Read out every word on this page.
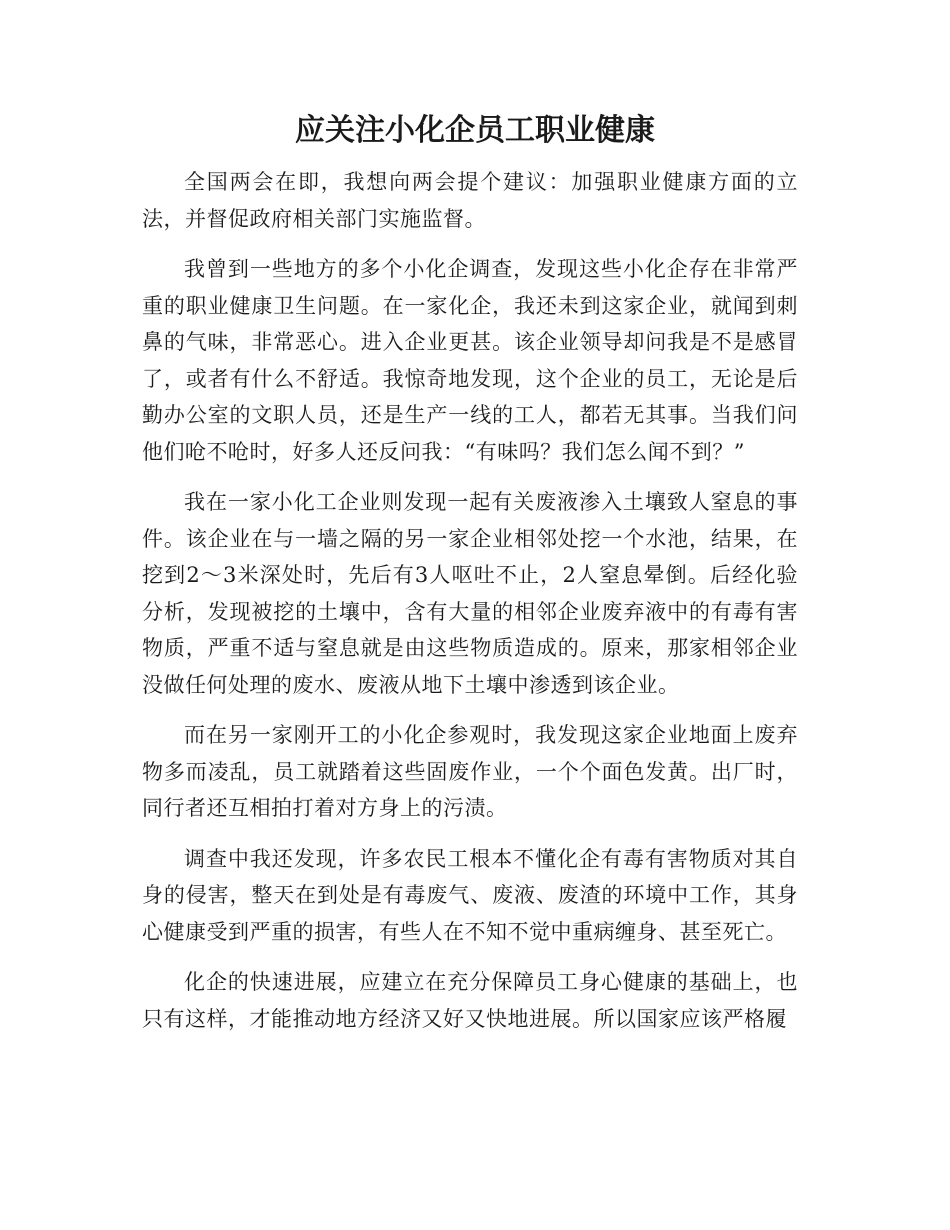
应关注小化企员工职业健康

全国两会在即，我想向两会提个建议：加强职业健康方面的立法，并督促政府相关部门实施监督。

我曾到一些地方的多个小化企调查，发现这些小化企存在非常严重的职业健康卫生问题。在一家化企，我还未到这家企业，就闻到刺鼻的气味，非常恶心。进入企业更甚。该企业领导却问我是不是感冒了，或者有什么不舒适。我惊奇地发现，这个企业的员工，无论是后勤办公室的文职人员，还是生产一线的工人，都若无其事。当我们问他们呛不呛时，好多人还反问我：“有味吗？我们怎么闻不到？”

我在一家小化工企业则发现一起有关废液渗入土壤致人窒息的事件。该企业在与一墙之隔的另一家企业相邻处挖一个水池，结果，在挖到2～3米深处时，先后有3人呕吐不止，2人窒息晕倒。后经化验分析，发现被挖的土壤中，含有大量的相邻企业废弃液中的有毒有害物质，严重不适与窒息就是由这些物质造成的。原来，那家相邻企业没做任何处理的废水、废液从地下土壤中渗透到该企业。

而在另一家刚开工的小化企参观时，我发现这家企业地面上废弃物多而凌乱，员工就踏着这些固废作业，一个个面色发黄。出厂时，同行者还互相拍打着对方身上的污渍。

调查中我还发现，许多农民工根本不懂化企有毒有害物质对其自身的侵害，整天在到处是有毒废气、废液、废渣的环境中工作，其身心健康受到严重的损害，有些人在不知不觉中重病缠身、甚至死亡。

化企的快速进展，应建立在充分保障员工身心健康的基础上，也只有这样，才能推动地方经济又好又快地进展。所以国家应该严格履
